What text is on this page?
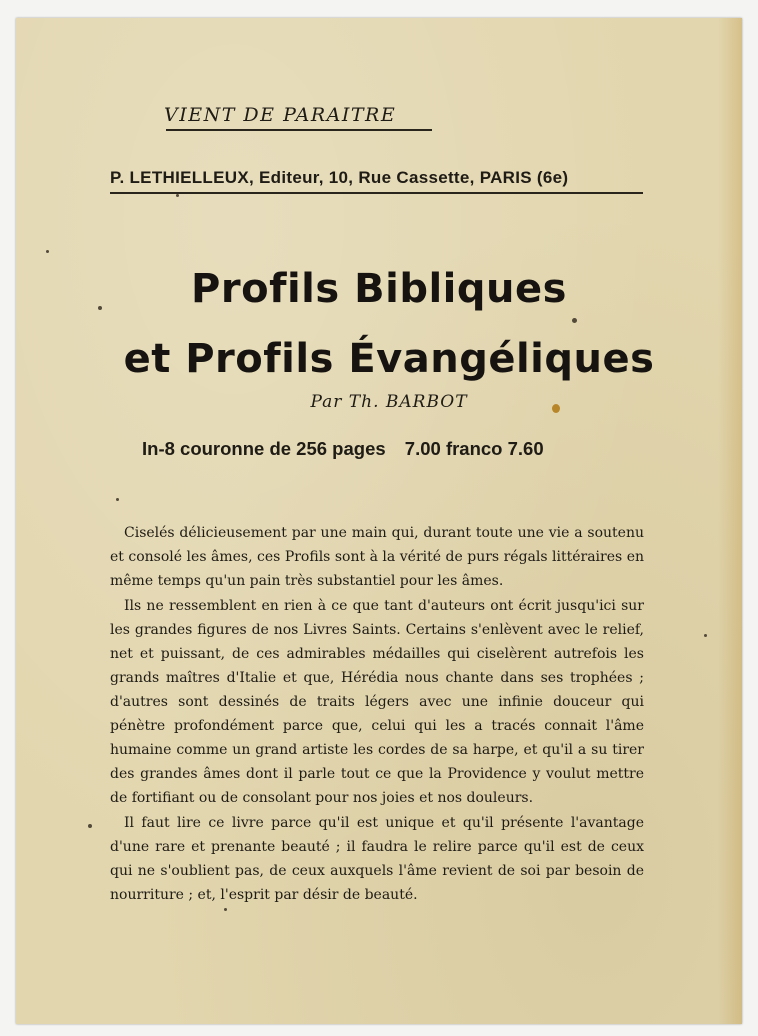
VIENT DE PARAITRE
P. LETHIELLEUX, Editeur, 10, Rue Cassette, PARIS (6e)
Profils Bibliques
et Profils Évangéliques
Par Th. BARBOT
In-8 couronne de 256 pages 7.00 franco 7.60

Ciselés délicieusement par une main qui, durant toute une vie a soutenu et consolé les âmes, ces Profils sont à la vérité de purs régals littéraires en même temps qu'un pain très substantiel pour les âmes.

Ils ne ressemblent en rien à ce que tant d'auteurs ont écrit jusqu'ici sur les grandes figures de nos Livres Saints. Certains s'enlèvent avec le relief, net et puissant, de ces admirables médailles qui ciselèrent autrefois les grands maîtres d'Italie et que, Hérédia nous chante dans ses trophées ; d'autres sont dessinés de traits légers avec une infinie douceur qui pénètre profondément parce que, celui qui les a tracés connait l'âme humaine comme un grand artiste les cordes de sa harpe, et qu'il a su tirer des grandes âmes dont il parle tout ce que la Providence y voulut mettre de fortifiant ou de consolant pour nos joies et nos douleurs.

Il faut lire ce livre parce qu'il est unique et qu'il présente l'avantage d'une rare et prenante beauté ; il faudra le relire parce qu'il est de ceux qui ne s'oublient pas, de ceux auxquels l'âme revient de soi par besoin de nourriture ; et, l'esprit par désir de beauté.
